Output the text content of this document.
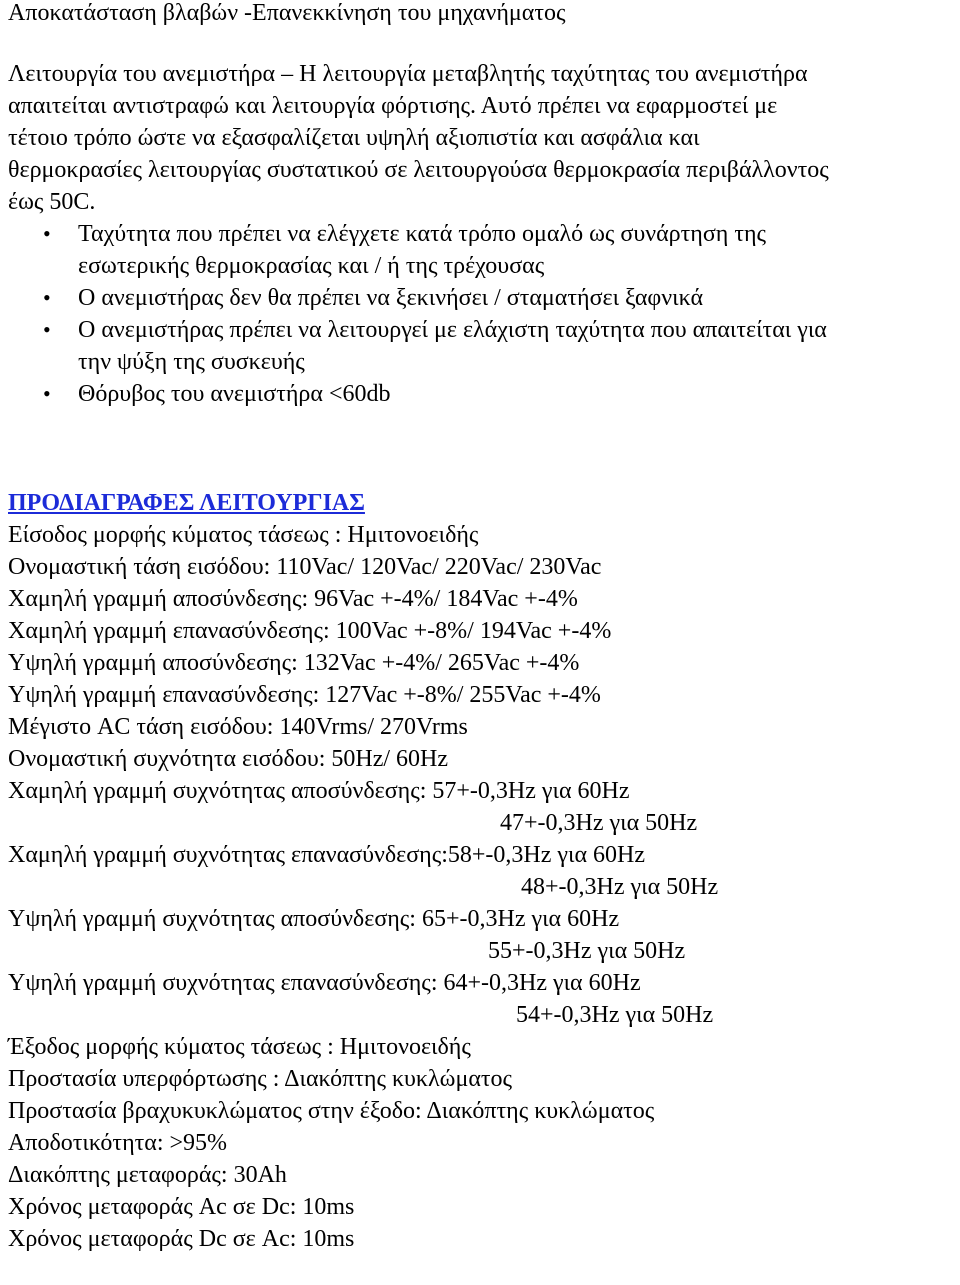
Αποκατάσταση βλαβών -Επανεκκίνηση του μηχανήματος
Λειτουργία του ανεμιστήρα – Η λειτουργία μεταβλητής ταχύτητας του ανεμιστήρα
απαιτείται αντιστραφώ και λειτουργία φόρτισης. Αυτό πρέπει να εφαρμοστεί με
τέτοιο τρόπο ώστε να εξασφαλίζεται υψηλή αξιοπιστία και ασφάλια και
θερμοκρασίες λειτουργίας συστατικού σε λειτουργούσα θερμοκρασία περιβάλλοντος
έως 50C.
•	Ταχύτητα που πρέπει να ελέγχετε κατά τρόπο ομαλό ως συνάρτηση της
εσωτερικής θερμοκρασίας και / ή της τρέχουσας
•	Ο ανεμιστήρας δεν θα πρέπει να ξεκινήσει / σταματήσει ξαφνικά
•	Ο ανεμιστήρας πρέπει να λειτουργεί με ελάχιστη ταχύτητα που απαιτείται για
την ψύξη της συσκευής
•	Θόρυβος του ανεμιστήρα <60db
ΠΡΟΔΙΑΓΡΑΦΕΣ ΛΕΙΤΟΥΡΓΙΑΣ
Είσοδος μορφής κύματος τάσεως : Ημιτονοειδής
Ονομαστική τάση εισόδου: 110Vac/ 120Vac/ 220Vac/ 230Vac
Χαμηλή γραμμή αποσύνδεσης: 96Vac +-4%/ 184Vac +-4%
Χαμηλή γραμμή επανασύνδεσης: 100Vac +-8%/ 194Vac +-4%
Υψηλή γραμμή αποσύνδεσης: 132Vac +-4%/ 265Vac +-4%
Υψηλή γραμμή επανασύνδεσης: 127Vac +-8%/ 255Vac +-4%
Μέγιστο AC τάση εισόδου: 140Vrms/ 270Vrms
Ονομαστική συχνότητα εισόδου: 50Hz/ 60Hz
Χαμηλή γραμμή συχνότητας αποσύνδεσης: 57+-0,3Hz για 60Hz
47+-0,3Hz για 50Hz
Χαμηλή γραμμή συχνότητας επανασύνδεσης:58+-0,3Hz για 60Hz
48+-0,3Hz για 50Hz
Υψηλή γραμμή συχνότητας αποσύνδεσης: 65+-0,3Hz για 60Hz
55+-0,3Hz για 50Hz
Υψηλή γραμμή συχνότητας επανασύνδεσης: 64+-0,3Hz για 60Hz
54+-0,3Hz για 50Hz
Έξοδος μορφής κύματος τάσεως : Ημιτονοειδής
Προστασία υπερφόρτωσης : Διακόπτης κυκλώματος
Προστασία βραχυκυκλώματος στην έξοδο: Διακόπτης κυκλώματος
Αποδοτικότητα: >95%
Διακόπτης μεταφοράς: 30Ah
Χρόνος μεταφοράς Ac σε Dc: 10ms
Χρόνος μεταφοράς Dc σε Ac: 10ms
